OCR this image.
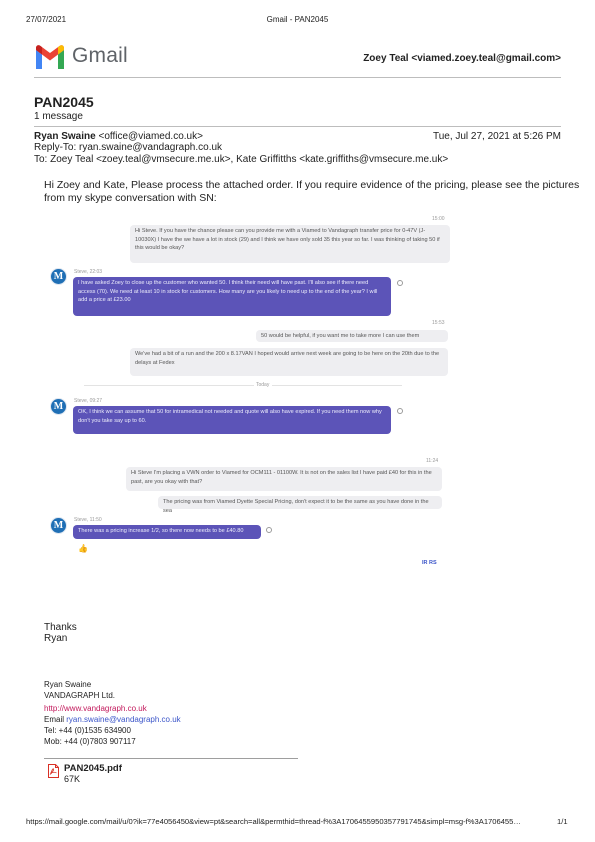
27/07/2021	Gmail - PAN2045
Gmail	Zoey Teal <viamed.zoey.teal@gmail.com>
PAN2045
1 message
Ryan Swaine <office@viamed.co.uk>	Tue, Jul 27, 2021 at 5:26 PM
Reply-To: ryan.swaine@vandagraph.co.uk
To: Zoey Teal <zoey.teal@vmsecure.me.uk>, Kate Griffitths <kate.griffiths@vmsecure.me.uk>
Hi Zoey and Kate, Please process the attached order. If you require evidence of the pricing, please see the pictures
from my skype conversation with SN:
15:00
Hi Steve. If you have the chance please can you provide me with a Viamed to Vandagraph transfer price for 0-47V (J-10030X) I have the we have a lot in stock (29) and I think we have only sold 35 this year so far. I was thinking of taking 50 if this would be okay?
M	Steve, 22:03
I have asked Zoey to close up the customer who wanted 50. I think their need will have past. I'll also see if there need access (70). We need at least 10 in stock for customers. How many are you likely to need up to the end of the year? I will add a price at £23.00
15:53
50 would be helpful, if you want me to take more I can use them
We've had a bit of a run and the 200 x 8.17VAN I hoped would arrive next week are going to be here on the 20th due to the delays at Fedex
Today
M	Steve, 09:27
OK, I think we can assume that 50 for intramedical not needed and quote will also have expired. If you need them now why don't you take say up to 60.
11:24
Hi Steve I'm placing a VWN order to Viamed for OCM111 - 01100W. It is not on the sales list I have paid £40 for this in the past, are you okay with that?
The pricing was from Viamed Dyette Special Pricing, don't expect it to be the same as you have done in the sea
M	Steve, 11:50
There was a pricing increase 1/2, so there now needs to be £40.80
👍
IR RS
Thanks
Ryan
Ryan Swaine
VANDAGRAPH Ltd.
http://www.vandagraph.co.uk
Email ryan.swaine@vandagraph.co.uk
Tel: +44 (0)1535 634900
Mob: +44 (0)7803 907117
PAN2045.pdf
67K
https://mail.google.com/mail/u/0?ik=77e4056450&view=pt&search=all&permthid=thread-f%3A1706455950357791745&simpl=msg-f%3A1706455…	1/1
